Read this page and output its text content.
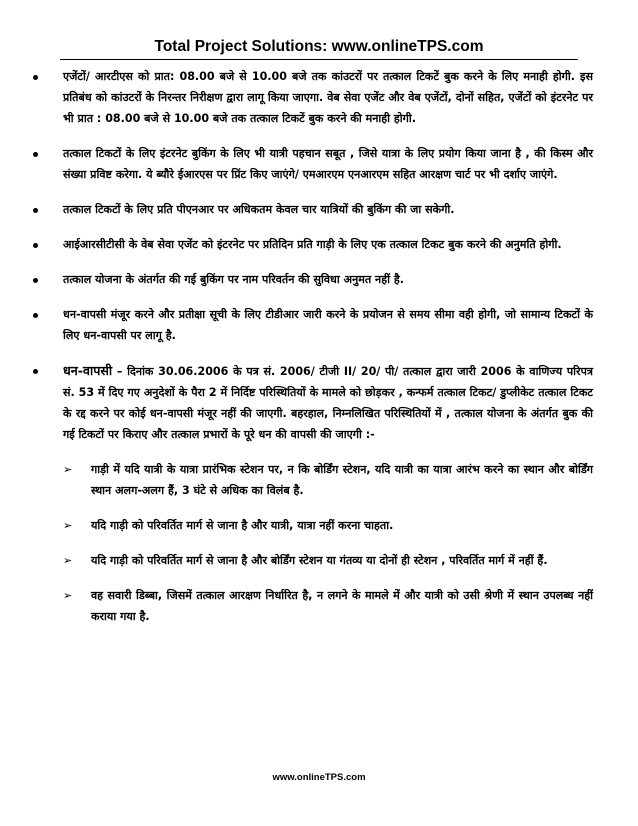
Total Project Solutions: www.onlineTPS.com

एजेंटों/ आरटीएस को प्रात: 08.00 बजे से 10.00 बजे तक कांउटरों पर तत्काल टिकटें बुक करने के लिए मनाही होगी. इस प्रतिबंध को कांउटरों के निरन्तर निरीक्षण द्वारा लागू किया जाएगा. वेब सेवा एजेंट और वेब एजेंटों, दोनों सहित, एजेंटों को इंटरनेट पर भी प्रात : 08.00 बजे से 10.00 बजे तक तत्काल टिकटें बुक करने की मनाही होगी.

तत्काल टिकटों के लिए इंटरनेट बुकिंग के लिए भी यात्री पहचान सबूत , जिसे यात्रा के लिए प्रयोग किया जाना है , की किस्म और संख्या प्रविष्ट करेगा. ये ब्यौरे ईआरएस पर प्रिंट किए जाएंगे/ एमआरएम एनआरएम सहित आरक्षण चार्ट पर भी दर्शाए जाएंगे.

तत्काल टिकटों के लिए प्रति पीएनआर पर अधिकतम केवल चार यात्रियों की बुकिंग की जा सकेगी.

आईआरसीटीसी के वेब सेवा एजेंट को इंटरनेट पर प्रतिदिन प्रति गाड़ी के लिए एक तत्काल टिकट बुक करने की अनुमति होगी.

तत्काल योजना के अंतर्गत की गई बुकिंग पर नाम परिवर्तन की सुविधा अनुमत नहीं है.

धन-वापसी मंजूर करने और प्रतीक्षा सूची के लिए टीडीआर जारी करने के प्रयोजन से समय सीमा वही होगी, जो सामान्य टिकटों के लिए धन-वापसी पर लागू है.

धन-वापसी – दिनांक 30.06.2006 के पत्र सं. 2006/ टीजी II/ 20/ पी/ तत्काल द्वारा जारी 2006 के वाणिज्य परिपत्र सं. 53 में दिए गए अनुदेशों के पैरा 2 में निर्दिष्ट परिस्थितियों के मामले को छोड़कर , कन्फर्म तत्काल टिकट/ डुप्लीकेट तत्काल टिकट के रद्द करने पर कोई धन-वापसी मंजूर नहीं की जाएगी. बहरहाल, निम्नलिखित परिस्थितियों में , तत्काल योजना के अंतर्गत बुक की गई टिकटों पर किराए और तत्काल प्रभारों के पूरे धन की वापसी की जाएगी :-

➢ गाड़ी में यदि यात्री के यात्रा प्रारंभिक स्टेशन पर, न कि बोर्डिंग स्टेशन, यदि यात्री का यात्रा आरंभ करने का स्थान और बोर्डिंग स्थान अलग-अलग हैं, 3 घंटे से अधिक का विलंब है.

➢ यदि गाड़ी को परिवर्तित मार्ग से जाना है और यात्री, यात्रा नहीं करना चाहता.

➢ यदि गाड़ी को परिवर्तित मार्ग से जाना है और बोर्डिंग स्टेशन या गंतव्य या दोनों ही स्टेशन , परिवर्तित मार्ग में नहीं हैं.

➢ वह सवारी डिब्बा, जिसमें तत्काल आरक्षण निर्धारित है, न लगने के मामले में और यात्री को उसी श्रेणी में स्थान उपलब्ध नहीं कराया गया है.

www.onlineTPS.com
